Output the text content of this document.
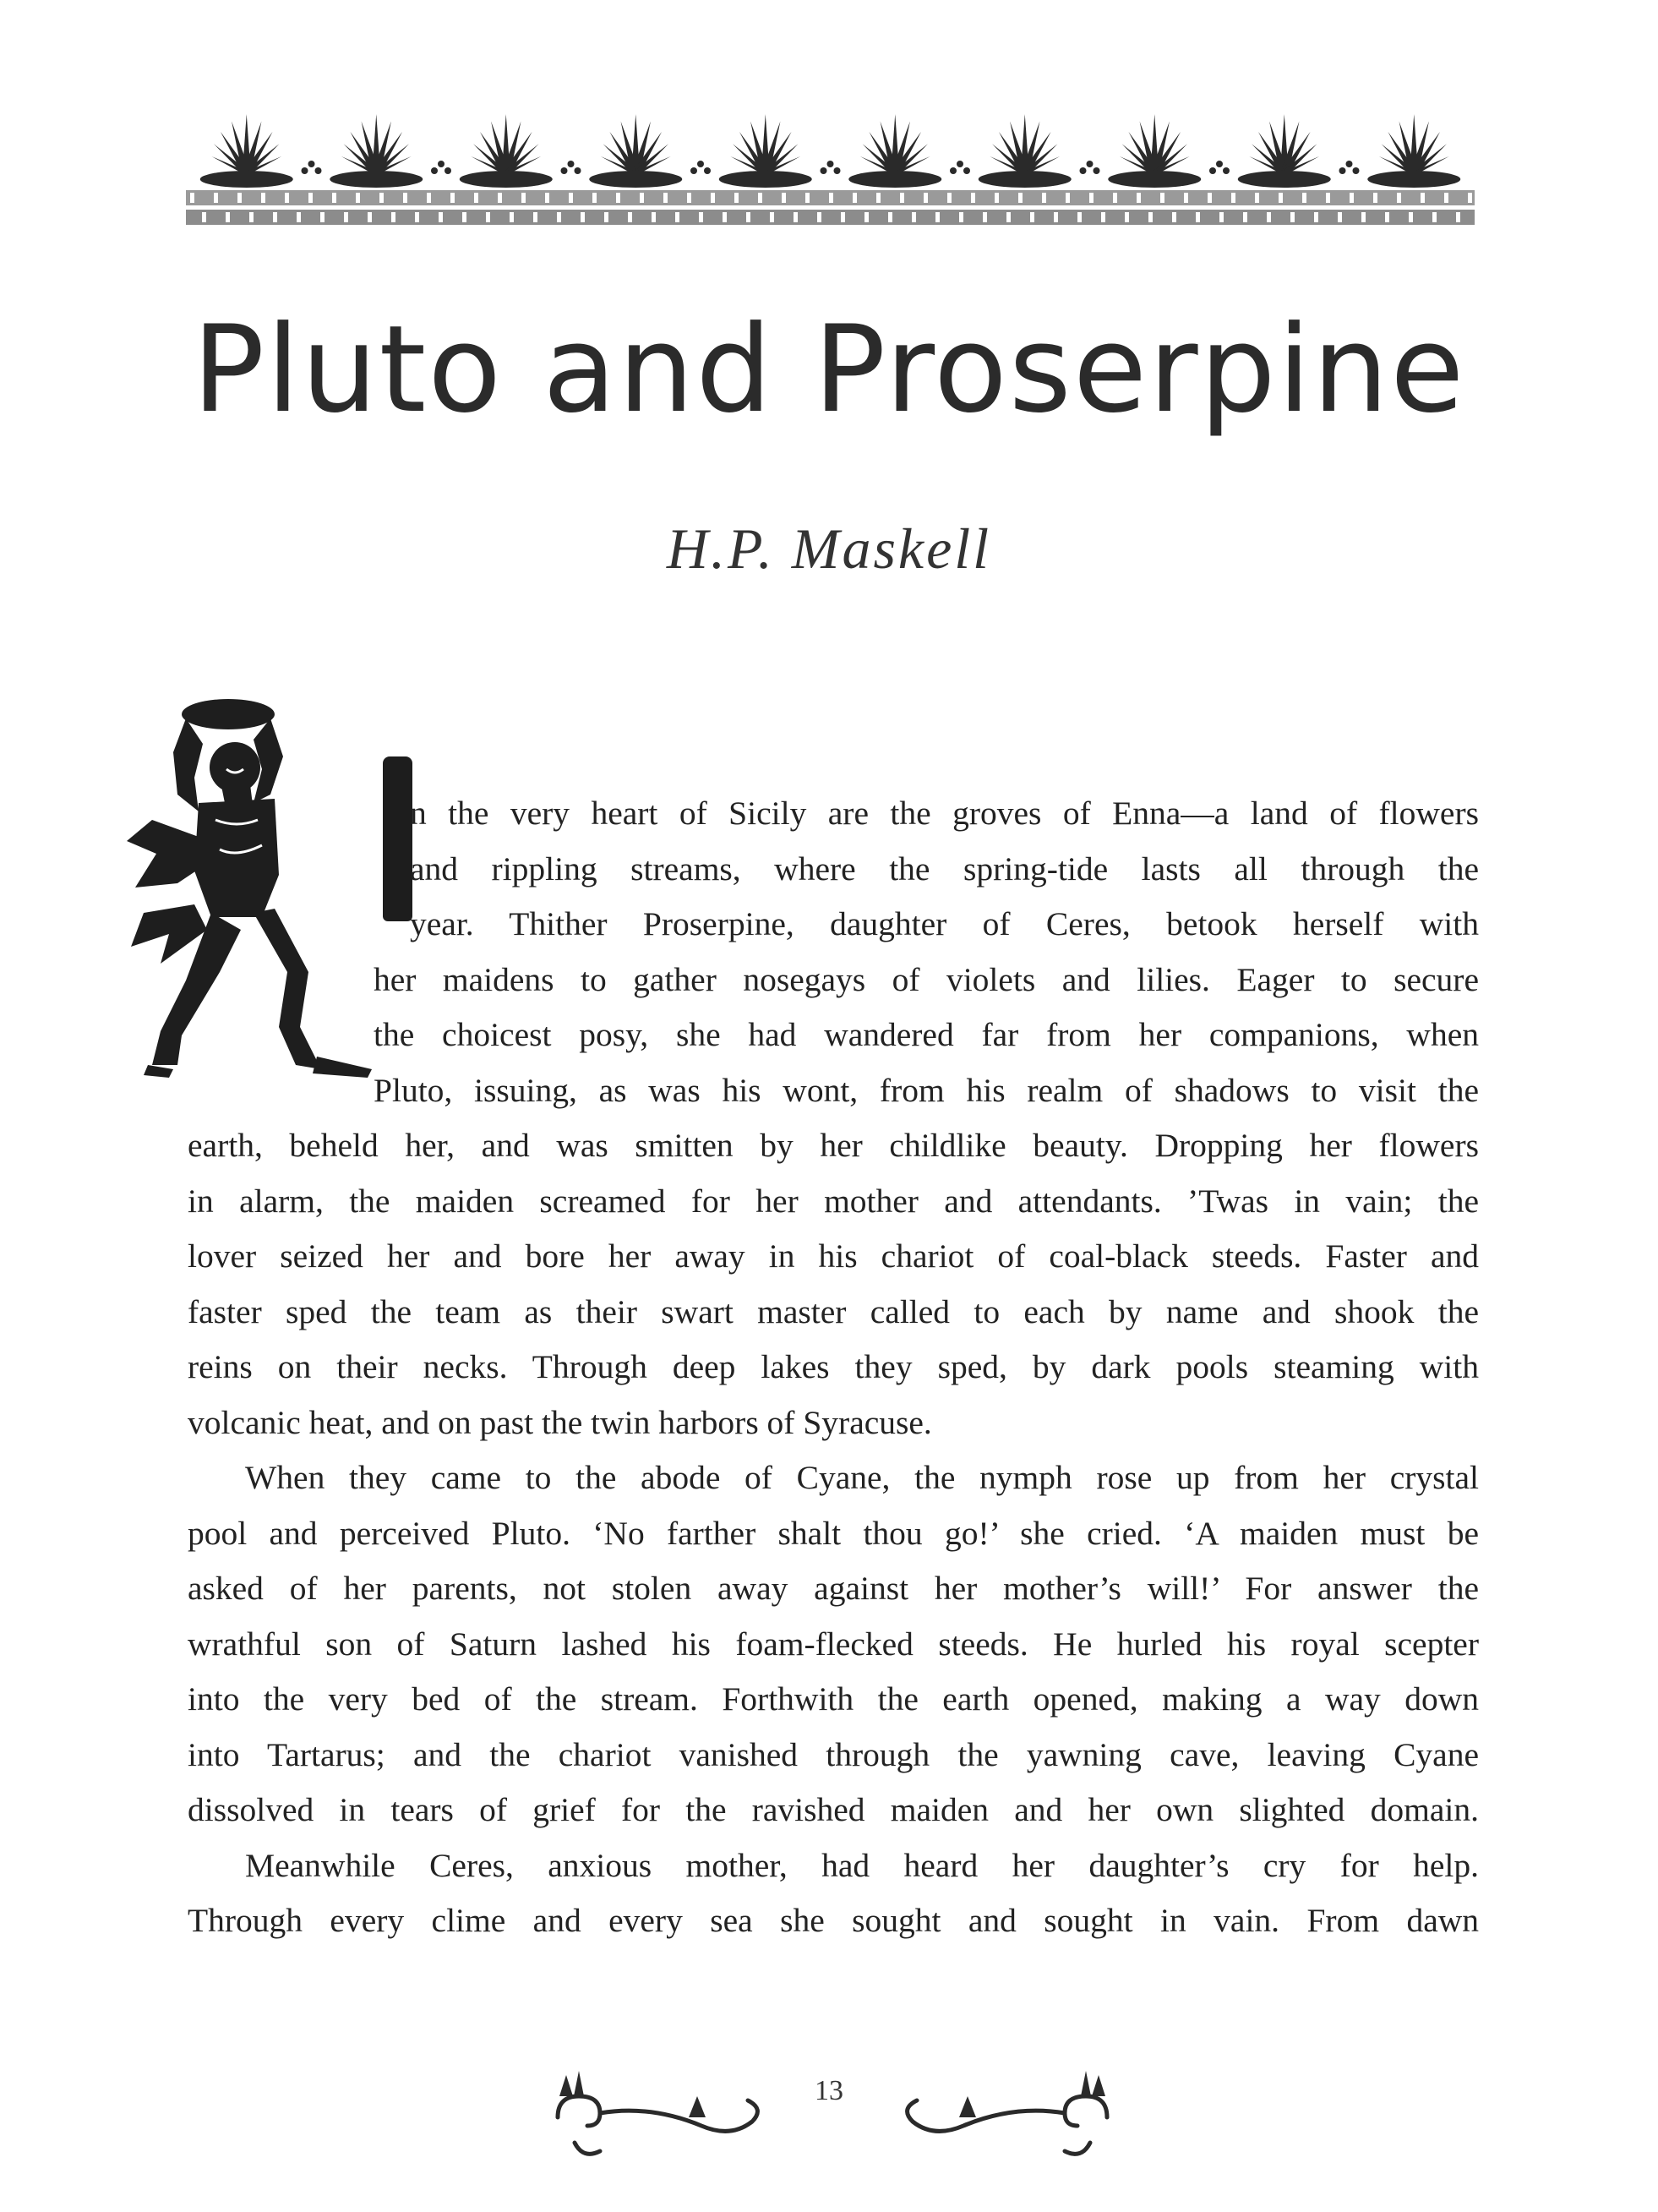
Pluto and Proserpine
H.P. Maskell
n the very heart of Sicily are the groves of Enna—a land of flowers
and rippling streams, where the spring-tide lasts all through the
year. Thither Proserpine, daughter of Ceres, betook herself with
her maidens to gather nosegays of violets and lilies. Eager to secure
the choicest posy, she had wandered far from her companions, when
Pluto, issuing, as was his wont, from his realm of shadows to visit the
earth, beheld her, and was smitten by her childlike beauty. Dropping her flowers
in alarm, the maiden screamed for her mother and attendants. ’Twas in vain; the
lover seized her and bore her away in his chariot of coal-black steeds. Faster and
faster sped the team as their swart master called to each by name and shook the
reins on their necks. Through deep lakes they sped, by dark pools steaming with
volcanic heat, and on past the twin harbors of Syracuse.
When they came to the abode of Cyane, the nymph rose up from her crystal
pool and perceived Pluto. ‘No farther shalt thou go!’ she cried. ‘A maiden must be
asked of her parents, not stolen away against her mother’s will!’ For answer the
wrathful son of Saturn lashed his foam-flecked steeds. He hurled his royal scepter
into the very bed of the stream. Forthwith the earth opened, making a way down
into Tartarus; and the chariot vanished through the yawning cave, leaving Cyane
dissolved in tears of grief for the ravished maiden and her own slighted domain.
Meanwhile Ceres, anxious mother, had heard her daughter’s cry for help.
Through every clime and every sea she sought and sought in vain. From dawn
13
